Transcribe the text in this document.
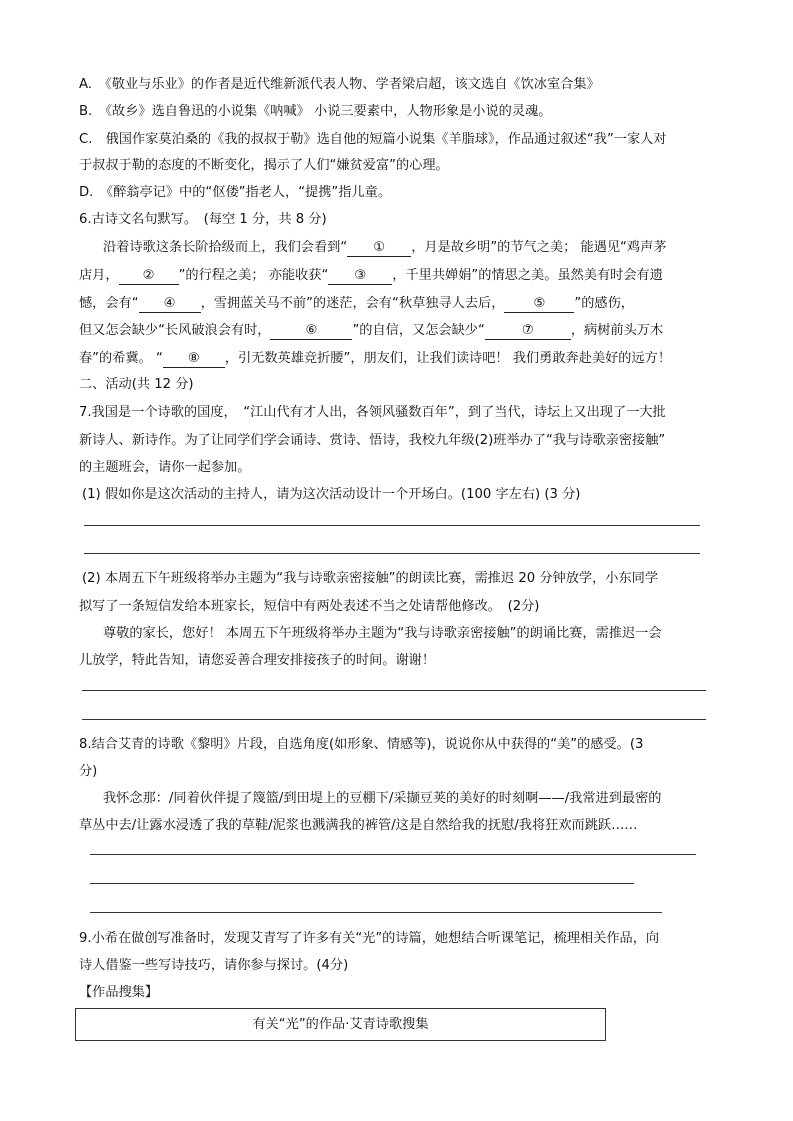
A.　《敬业与乐业》的作者是近代维新派代表人物、学者梁启超，该文选自《饮冰室合集》
B.　《故乡》选自鲁迅的小说集《呐喊》 小说三要素中，人物形象是小说的灵魂。
C.　俄国作家莫泊桑的《我的叔叔于勒》选自他的短篇小说集《羊脂球》，作品通过叙述“我”一家人对
于叔叔于勒的态度的不断变化，揭示了人们“嫌贫爱富”的心理。
D.　《醉翁亭记》中的“伛偻”指老人，“提携”指儿童。
6.古诗文名句默写。　(每空 1 分，共 8 分)
沿着诗歌这条长阶拾级而上，我们会看到“ ① ，月是故乡明”的节气之美； 能遇见“鸡声茅
店月， ② ”的行程之美； 亦能收获“ ③ ，千里共婵娟”的情思之美。虽然美有时会有遗
憾，会有“ ④ ，雪拥蓝关马不前”的迷茫，会有“秋草独寻人去后， ⑤ ”的感伤，
但又怎会缺少“长风破浪会有时，	⑥	”的自信，又怎会缺少“	⑦	，病树前头万木
春”的希冀。 “ ⑧ ，引无数英雄竞折腰”，朋友们，让我们读诗吧！ 我们勇敢奔赴美好的远方！
二、活动(共 12 分)
7.我国是一个诗歌的国度，　“江山代有才人出，各领风骚数百年”，到了当代，诗坛上又出现了一大批
新诗人、新诗作。为了让同学们学会诵诗、赏诗、悟诗，我校九年级(2)班举办了“我与诗歌亲密接触”
的主题班会，请你一起参加。
(1) 假如你是这次活动的主持人，请为这次活动设计一个开场白。(100 字左右) (3 分)
(2) 本周五下午班级将举办主题为“我与诗歌亲密接触”的朗读比赛，需推迟 20 分钟放学，小东同学
拟写了一条短信发给本班家长，短信中有两处表述不当之处请帮他修改。　(2分)
尊敬的家长，您好！ 本周五下午班级将举办主题为“我与诗歌亲密接触”的朗诵比赛，需推迟一会
儿放学，特此告知，请您妥善合理安排接孩子的时间。谢谢！
8.结合艾青的诗歌《黎明》片段，自选角度(如形象、情感等)，说说你从中获得的“美”的感受。(3
分)
我怀念那：/同着伙伴提了篾篮/到田堤上的豆棚下/采撷豆荚的美好的时刻啊——/我常进到最密的
草丛中去/让露水浸透了我的草鞋/泥浆也溅满我的裤管/这是自然给我的抚慰/我将狂欢而跳跃……
9.小希在做创写准备时，发现艾青写了许多有关“光”的诗篇，她想结合听课笔记，梳理相关作品，向
诗人借鉴一些写诗技巧，请你参与探讨。(4分)
【作品搜集】
有关“光”的作品·艾青诗歌搜集
